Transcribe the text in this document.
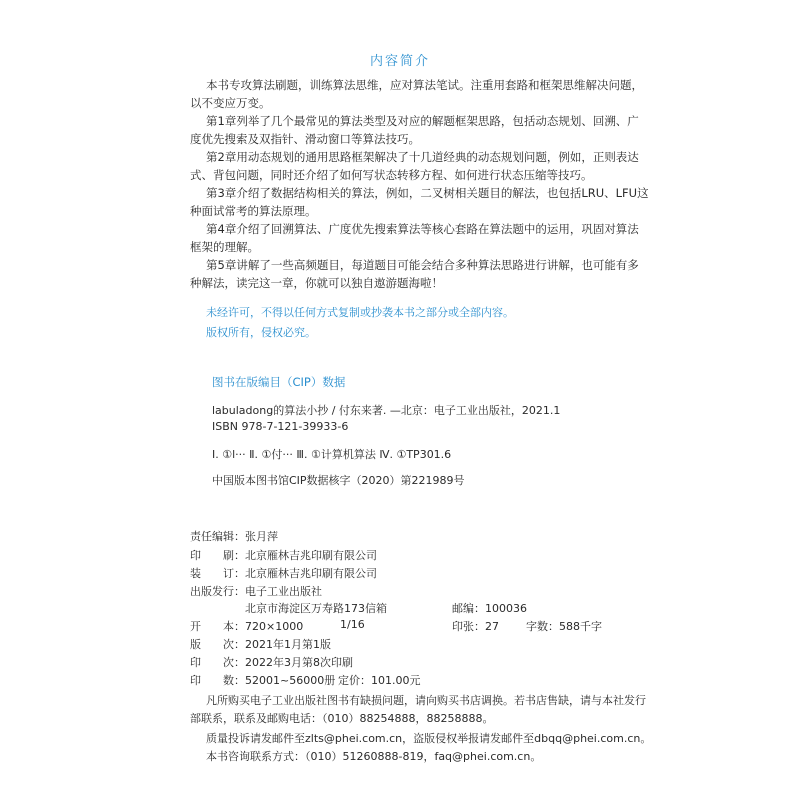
内容简介

本书专攻算法刷题，训练算法思维，应对算法笔试。注重用套路和框架思维解决问题，以不变应万变。

第1章列举了几个最常见的算法类型及对应的解题框架思路，包括动态规划、回溯、广度优先搜索及双指针、滑动窗口等算法技巧。

第2章用动态规划的通用思路框架解决了十几道经典的动态规划问题，例如，正则表达式、背包问题，同时还介绍了如何写状态转移方程、如何进行状态压缩等技巧。

第3章介绍了数据结构相关的算法，例如，二叉树相关题目的解法，也包括LRU、LFU这种面试常考的算法原理。

第4章介绍了回溯算法、广度优先搜索算法等核心套路在算法题中的运用，巩固对算法框架的理解。

第5章讲解了一些高频题目，每道题目可能会结合多种算法思路进行讲解，也可能有多种解法，读完这一章，你就可以独自遨游题海啦！

未经许可，不得以任何方式复制或抄袭本书之部分或全部内容。
版权所有，侵权必究。
图书在版编目（CIP）数据
labuladong的算法小抄 / 付东来著. —北京：电子工业出版社，2021.1
ISBN 978-7-121-39933-6
Ⅰ. ①l··· Ⅱ. ①付··· Ⅲ. ①计算机算法 Ⅳ. ①TP301.6
中国版本图书馆CIP数据核字（2020）第221989号
责任编辑：张月萍
印　　刷：北京雁林吉兆印刷有限公司
装　　订：北京雁林吉兆印刷有限公司
出版发行：电子工业出版社
北京市海淀区万寿路173信箱	邮编：100036
开　　本：720×1000	1/16	印张：27 字数：588千字
版　　次：2021年1月第1版
印　　次：2022年3月第8次印刷
印　　数：52001~56000册 定价：101.00元

凡所购买电子工业出版社图书有缺损问题，请向购买书店调换。若书店售缺，请与本社发行部联系，联系及邮购电话：（010）88254888，88258888。

质量投诉请发邮件至zlts@phei.com.cn，盗版侵权举报请发邮件至dbqq@phei.com.cn。
本书咨询联系方式：（010）51260888-819，faq@phei.com.cn。
